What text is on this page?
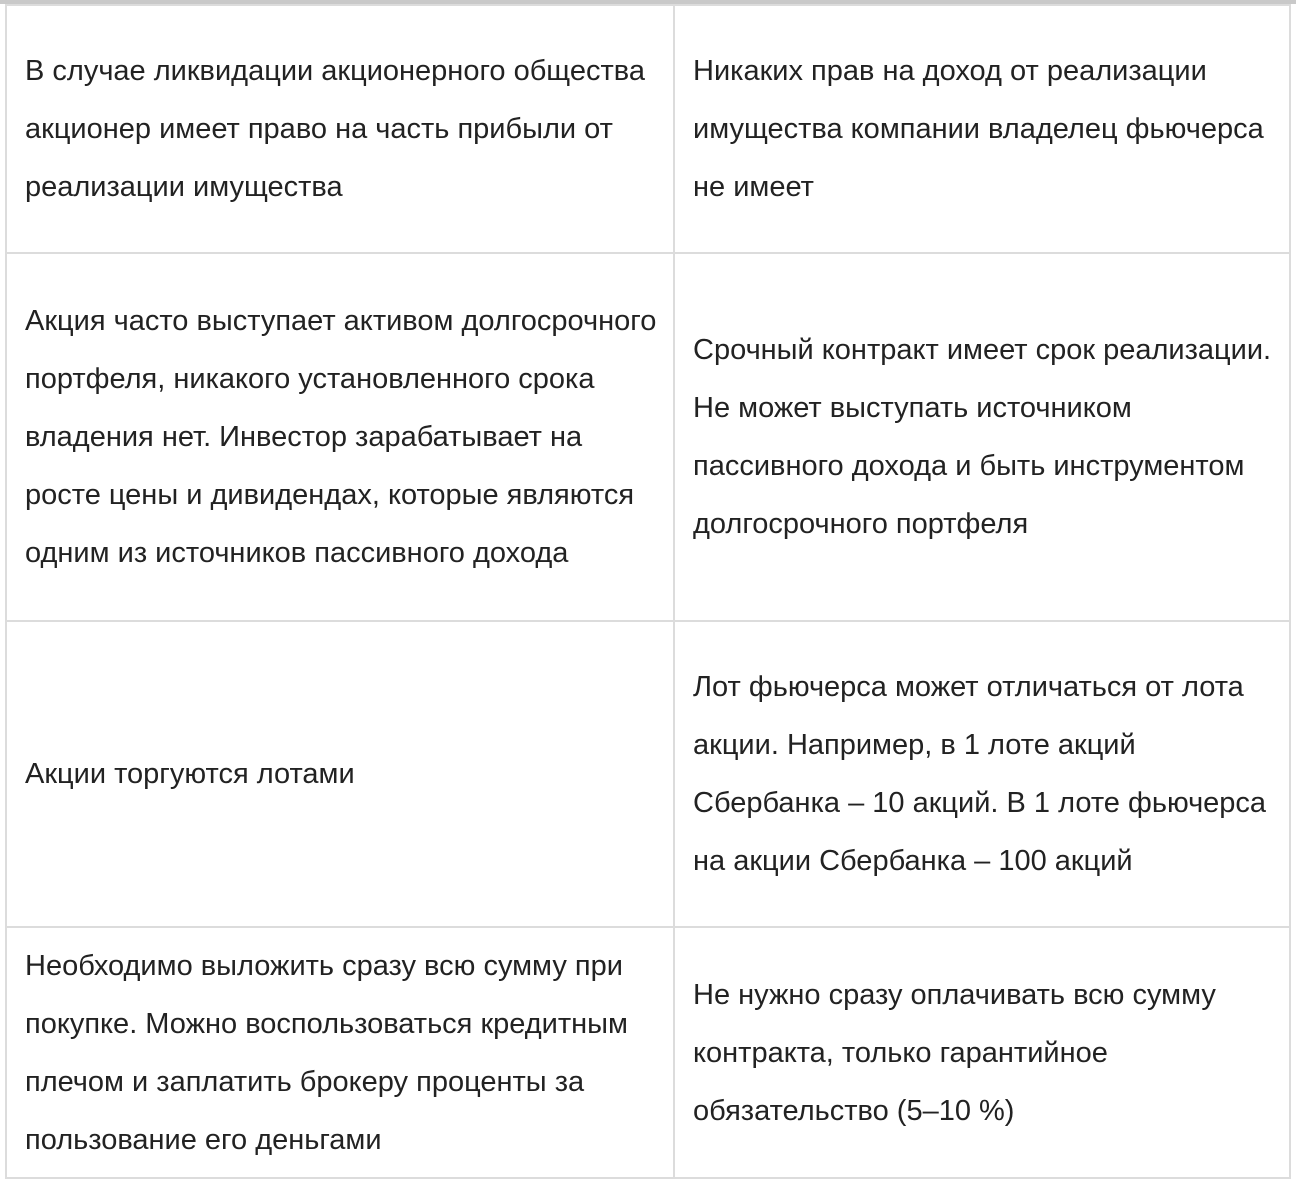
В случае ликвидации акционерного общества акционер имеет право на часть прибыли от реализации имущества	Никаких прав на доход от реализации имущества компании владелец фьючерса не имеет
Акция часто выступает активом долгосрочного портфеля, никакого установленного срока владения нет. Инвестор зарабатывает на росте цены и дивидендах, которые являются одним из источников пассивного дохода	Срочный контракт имеет срок реализации. Не может выступать источником пассивного дохода и быть инструментом долгосрочного портфеля
Акции торгуются лотами	Лот фьючерса может отличаться от лота акции. Например, в 1 лоте акций Сбербанка – 10 акций. В 1 лоте фьючерса на акции Сбербанка – 100 акций
Необходимо выложить сразу всю сумму при покупке. Можно воспользоваться кредитным плечом и заплатить брокеру проценты за пользование его деньгами	Не нужно сразу оплачивать всю сумму контракта, только гарантийное обязательство (5–10 %)
